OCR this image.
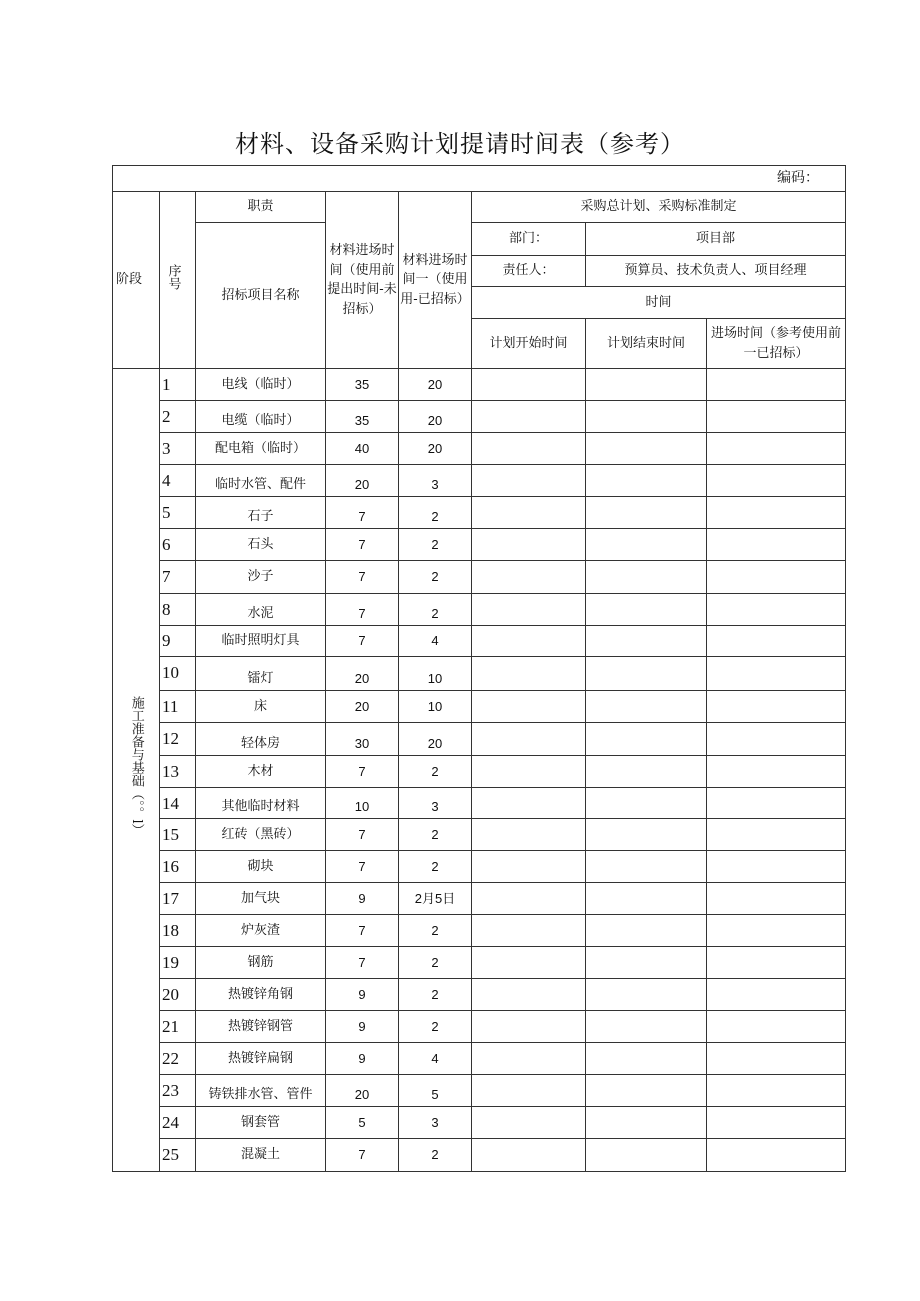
材料、设备采购计划提请时间表（参考）
编码：							
阶段	序号	职责	材料进场时间（使用前提出时间-未招标）	材料进场时间一（使用用-已招标）	采购总计划、采购标准制定		
		招标项目名称			部门：	项目部	
					责任人：	预算员、技术负责人、项目经理	
					时间		
					计划开始时间	计划结束时间	进场时间（参考使用前一已招标）
施工准备与基础（。。l）	1	电线（临时）	35	20			
	2	电缆（临时）	35	20			
	3	配电箱（临时）	40	20			
	4	临时水管、配件	20	3			
	5	石子	7	2			
	6	石头	7	2			
	7	沙子	7	2			
	8	水泥	7	2			
	9	临时照明灯具	7	4			
	10	镭灯	20	10			
	11	床	20	10			
	12	轻体房	30	20			
	13	木材	7	2			
	14	其他临时材料	10	3			
	15	红砖（黑砖）	7	2			
	16	砌块	7	2			
	17	加气块	9	2月5日			
	18	炉灰渣	7	2			
	19	钢筋	7	2			
	20	热镀锌角钢	9	2			
	21	热镀锌钢管	9	2			
	22	热镀锌扁钢	9	4			
	23	铸铁排水管、管件	20	5			
	24	钢套管	5	3			
	25	混凝土	7	2			
